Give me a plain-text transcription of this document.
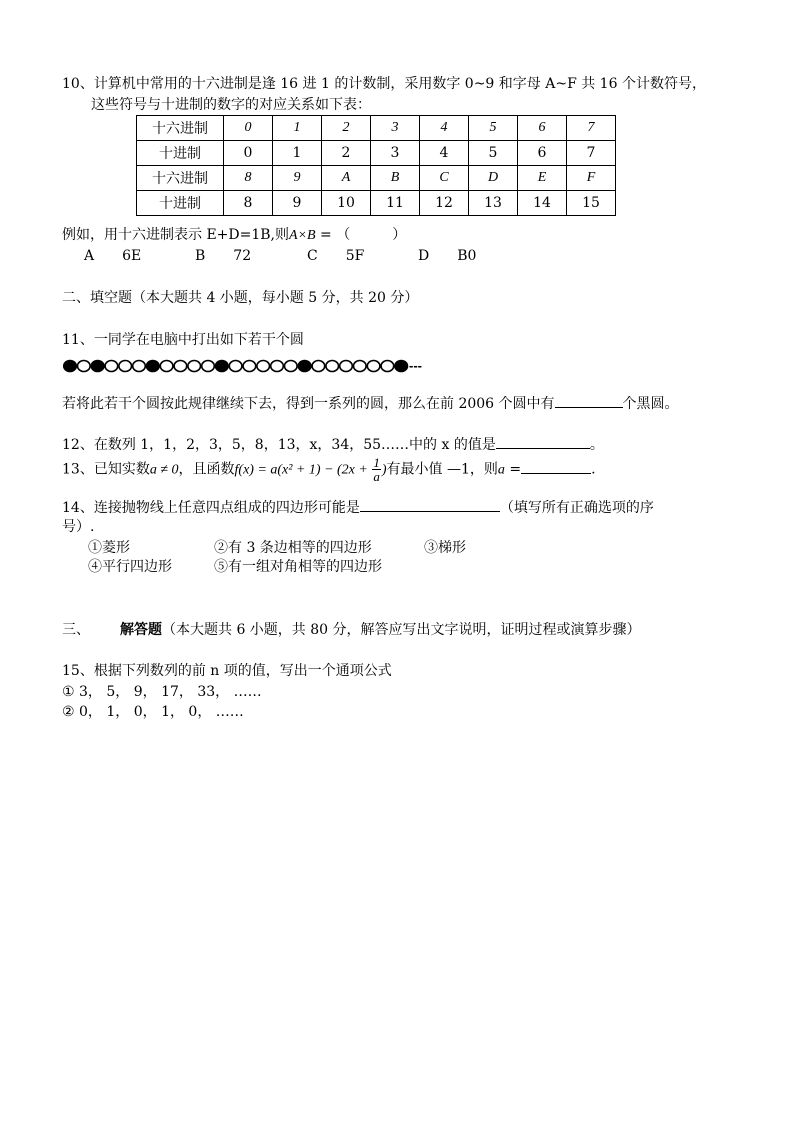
10、计算机中常用的十六进制是逢 16 进 1 的计数制，采用数字 0~9 和字母 A~F 共 16 个计数符号，
这些符号与十进制的数字的对应关系如下表：
十六进制	0	1	2	3	4	5	6	7
十进制	0	1	2	3	4	5	6	7
十六进制	8	9	A	B	C	D	E	F
十进制	8	9	10	11	12	13	14	15
例如，用十六进制表示 E+D=1B,则A×B = （　　　）
A　　6E	B　　72	C　　5F	D　　B0
二、填空题（本大题共 4 小题，每小题 5 分，共 20 分）
11、一同学在电脑中打出如下若干个圆
---
若将此若干个圆按此规律继续下去，得到一系列的圆，那么在前 2006 个圆中有	个黑圆。
12、在数列 1，1，2，3，5，8，13，x，34，55……中的 x 的值是	。
13、已知实数a ≠ 0，且函数$f(x) = a(x^2 + 1) - (2x + \frac{1}{a}$ )有最小值 —1，则a =	.
14、连接抛物线上任意四点组成的四边形可能是	（填写所有正确选项的序
号）.
①菱形	②有 3 条边相等的四边形	③梯形
④平行四边形	⑤有一组对角相等的四边形
三、 解答题（本大题共 6 小题，共 80 分，解答应写出文字说明，证明过程或演算步骤）
15、根据下列数列的前 n 项的值，写出一个通项公式
① 3， 5， 9， 17， 33， ……
② 0， 1， 0， 1， 0， ……
